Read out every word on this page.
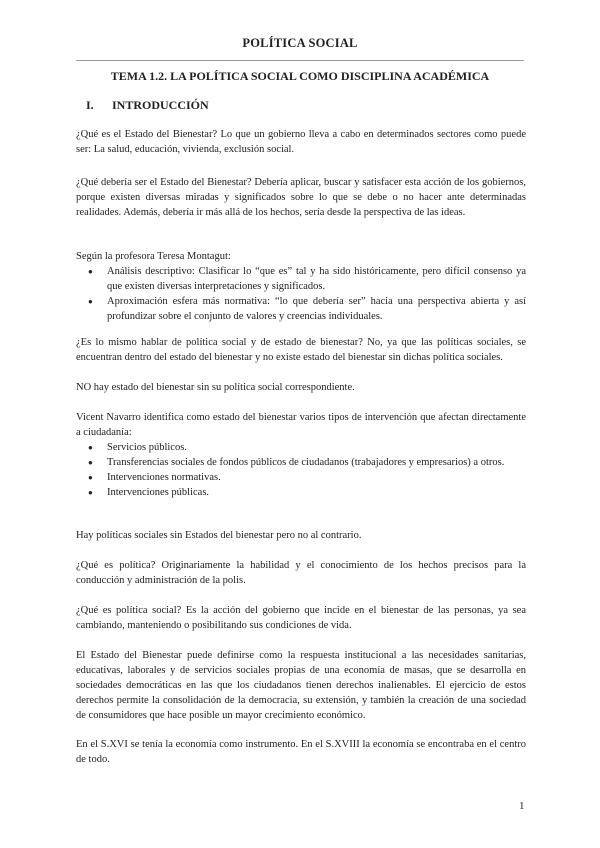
POLÍTICA SOCIAL
TEMA 1.2. LA POLÍTICA SOCIAL COMO DISCIPLINA ACADÉMICA
I. INTRODUCCIÓN

¿Qué es el Estado del Bienestar? Lo que un gobierno lleva a cabo en determinados sectores como puede ser: La salud, educación, vivienda, exclusión social.

¿Qué debería ser el Estado del Bienestar? Debería aplicar, buscar y satisfacer esta acción de los gobiernos, porque existen diversas miradas y significados sobre lo que se debe o no hacer ante determinadas realidades. Además, debería ir más allá de los hechos, sería desde la perspectiva de las ideas.

Según la profesora Teresa Montagut:

● Análisis descriptivo: Clasificar lo “que es” tal y ha sido históricamente, pero difícil consenso ya que existen diversas interpretaciones y significados.
● Aproximación esfera más normativa: “lo que debería ser” hacia una perspectiva abierta y así profundizar sobre el conjunto de valores y creencias individuales.

¿Es lo mismo hablar de política social y de estado de bienestar? No, ya que las políticas sociales, se encuentran dentro del estado del bienestar y no existe estado del bienestar sin dichas política sociales.

NO hay estado del bienestar sin su política social correspondiente.

Vicent Navarro identifica como estado del bienestar varios tipos de intervención que afectan directamente a ciudadanía:

● Servicios públicos.
● Transferencias sociales de fondos públicos de ciudadanos (trabajadores y empresarios) a otros.
● Intervenciones normativas.
● Intervenciones públicas.

Hay políticas sociales sin Estados del bienestar pero no al contrario.

¿Qué es política? Originariamente la habilidad y el conocimiento de los hechos precisos para la conducción y administración de la polis.

¿Qué es política social? Es la acción del gobierno que incide en el bienestar de las personas, ya sea cambiando, manteniendo o posibilitando sus condiciones de vida.

El Estado del Bienestar puede definirse como la respuesta institucional a las necesidades sanitarias, educativas, laborales y de servicios sociales propias de una economía de masas, que se desarrolla en sociedades democráticas en las que los ciudadanos tienen derechos inalienables. El ejercicio de estos derechos permite la consolidación de la democracia, su extensión, y también la creación de una sociedad de consumidores que hace posible un mayor crecimiento económico.

En el S.XVI se tenía la economía como instrumento. En el S.XVIII la economía se encontraba en el centro de todo.

1
